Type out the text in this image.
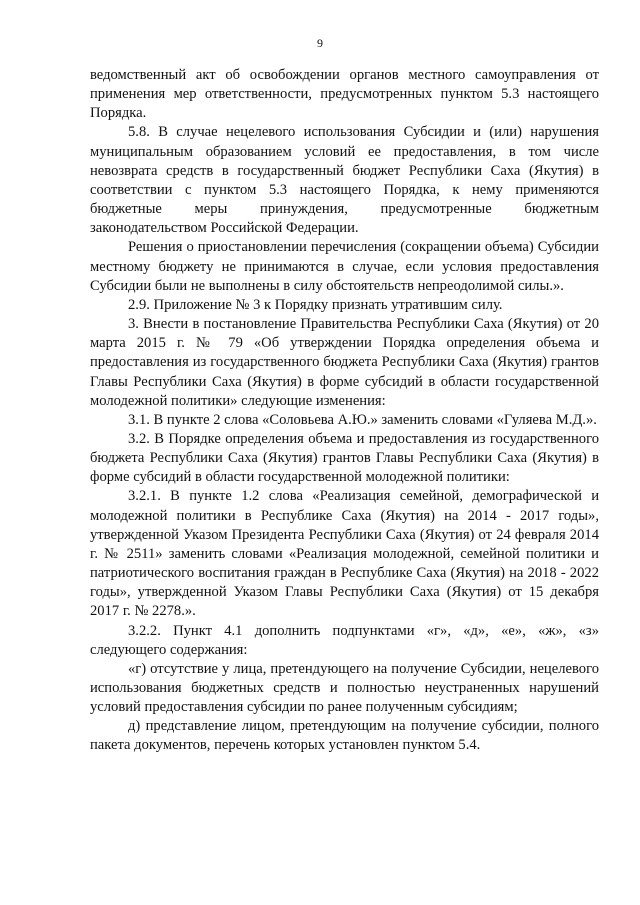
9

ведомственный акт об освобождении органов местного самоуправления от применения мер ответственности, предусмотренных пунктом 5.3 настоящего Порядка.

5.8. В случае нецелевого использования Субсидии и (или) нарушения муниципальным образованием условий ее предоставления, в том числе невозврата средств в государственный бюджет Республики Саха (Якутия) в соответствии с пунктом 5.3 настоящего Порядка, к нему применяются бюджетные меры принуждения, предусмотренные бюджетным законодательством Российской Федерации.

Решения о приостановлении перечисления (сокращении объема) Субсидии местному бюджету не принимаются в случае, если условия предоставления Субсидии были не выполнены в силу обстоятельств непреодолимой силы.».

2.9. Приложение № 3 к Порядку признать утратившим силу.

3. Внести в постановление Правительства Республики Саха (Якутия) от 20 марта 2015 г. № 79 «Об утверждении Порядка определения объема и предоставления из государственного бюджета Республики Саха (Якутия) грантов Главы Республики Саха (Якутия) в форме субсидий в области государственной молодежной политики» следующие изменения:

3.1. В пункте 2 слова «Соловьева А.Ю.» заменить словами «Гуляева М.Д.».

3.2. В Порядке определения объема и предоставления из государственного бюджета Республики Саха (Якутия) грантов Главы Республики Саха (Якутия) в форме субсидий в области государственной молодежной политики:

3.2.1. В пункте 1.2 слова «Реализация семейной, демографической и молодежной политики в Республике Саха (Якутия) на 2014 - 2017 годы», утвержденной Указом Президента Республики Саха (Якутия) от 24 февраля 2014 г. № 2511» заменить словами «Реализация молодежной, семейной политики и патриотического воспитания граждан в Республике Саха (Якутия) на 2018 - 2022 годы», утвержденной Указом Главы Республики Саха (Якутия) от 15 декабря 2017 г. № 2278.».

3.2.2. Пункт 4.1 дополнить подпунктами «г», «д», «е», «ж», «з» следующего содержания:

«г) отсутствие у лица, претендующего на получение Субсидии, нецелевого использования бюджетных средств и полностью неустраненных нарушений условий предоставления субсидии по ранее полученным субсидиям;

д) представление лицом, претендующим на получение субсидии, полного пакета документов, перечень которых установлен пунктом 5.4.
